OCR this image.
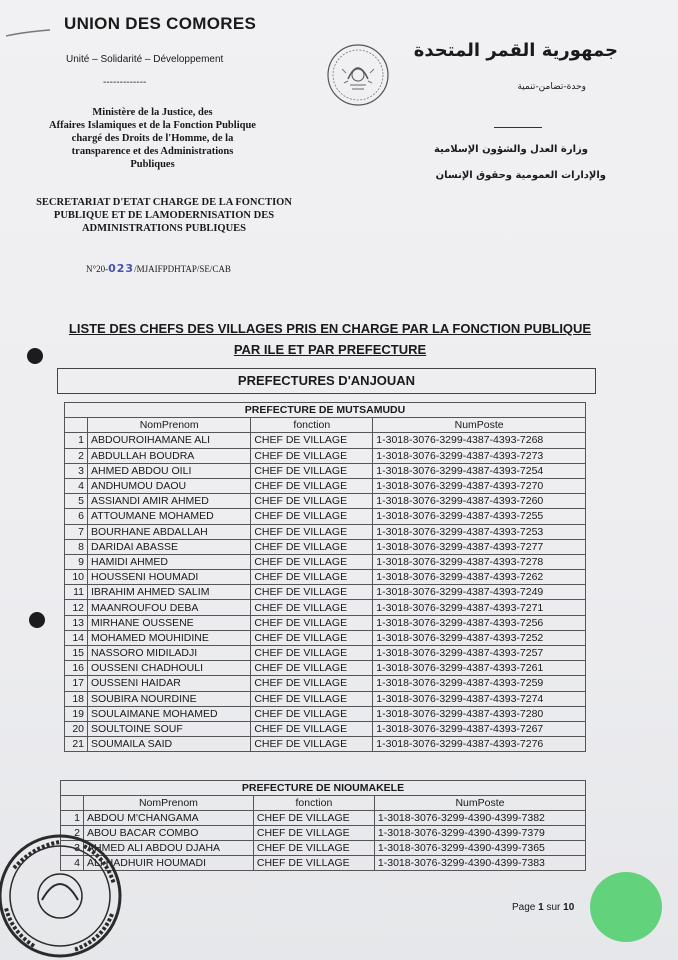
UNION DES COMORES
Unité – Solidarité – Développement
-------------
Ministère de la Justice, des
Affaires Islamiques et de la Fonction Publique
chargé des Droits de l'Homme, de la
transparence et des Administrations
Publiques
SECRETARIAT D'ETAT CHARGE DE LA FONCTION
PUBLIQUE ET DE LAMODERNISATION DES
ADMINISTRATIONS PUBLIQUES
N°20-023/MJAIFPDHTAP/SE/CAB
جمهورية القمر المتحدة
وحدة-تضامن-تنمية
وزارة العدل والشؤون الإسلامية
والإدارات العمومية وحقوق الإنسان
LISTE DES CHEFS DES VILLAGES PRIS EN CHARGE PAR LA FONCTION PUBLIQUE
PAR ILE ET PAR PREFECTURE
PREFECTURES D'ANJOUAN
PREFECTURE DE MUTSAMUDU			
	NomPrenom	fonction	NumPoste
1	ABDOUROIHAMANE ALI	CHEF DE VILLAGE	1-3018-3076-3299-4387-4393-7268
2	ABDULLAH BOUDRA	CHEF DE VILLAGE	1-3018-3076-3299-4387-4393-7273
3	AHMED ABDOU OILI	CHEF DE VILLAGE	1-3018-3076-3299-4387-4393-7254
4	ANDHUMOU DAOU	CHEF DE VILLAGE	1-3018-3076-3299-4387-4393-7270
5	ASSIANDI AMIR AHMED	CHEF DE VILLAGE	1-3018-3076-3299-4387-4393-7260
6	ATTOUMANE MOHAMED	CHEF DE VILLAGE	1-3018-3076-3299-4387-4393-7255
7	BOURHANE ABDALLAH	CHEF DE VILLAGE	1-3018-3076-3299-4387-4393-7253
8	DARIDAI ABASSE	CHEF DE VILLAGE	1-3018-3076-3299-4387-4393-7277
9	HAMIDI AHMED	CHEF DE VILLAGE	1-3018-3076-3299-4387-4393-7278
10	HOUSSENI HOUMADI	CHEF DE VILLAGE	1-3018-3076-3299-4387-4393-7262
11	IBRAHIM AHMED SALIM	CHEF DE VILLAGE	1-3018-3076-3299-4387-4393-7249
12	MAANROUFOU DEBA	CHEF DE VILLAGE	1-3018-3076-3299-4387-4393-7271
13	MIRHANE OUSSENE	CHEF DE VILLAGE	1-3018-3076-3299-4387-4393-7256
14	MOHAMED MOUHIDINE	CHEF DE VILLAGE	1-3018-3076-3299-4387-4393-7252
15	NASSORO MIDILADJI	CHEF DE VILLAGE	1-3018-3076-3299-4387-4393-7257
16	OUSSENI CHADHOULI	CHEF DE VILLAGE	1-3018-3076-3299-4387-4393-7261
17	OUSSENI HAIDAR	CHEF DE VILLAGE	1-3018-3076-3299-4387-4393-7259
18	SOUBIRA NOURDINE	CHEF DE VILLAGE	1-3018-3076-3299-4387-4393-7274
19	SOULAIMANE MOHAMED	CHEF DE VILLAGE	1-3018-3076-3299-4387-4393-7280
20	SOULTOINE SOUF	CHEF DE VILLAGE	1-3018-3076-3299-4387-4393-7267
21	SOUMAILA SAID	CHEF DE VILLAGE	1-3018-3076-3299-4387-4393-7276
PREFECTURE DE NIOUMAKELE			
	NomPrenom	fonction	NumPoste
1	ABDOU M'CHANGAMA	CHEF DE VILLAGE	1-3018-3076-3299-4390-4399-7382
2	ABOU BACAR COMBO	CHEF DE VILLAGE	1-3018-3076-3299-4390-4399-7379
3	AHMED ALI ABDOU DJAHA	CHEF DE VILLAGE	1-3018-3076-3299-4390-4399-7365
4	ALI HADHUIR HOUMADI	CHEF DE VILLAGE	1-3018-3076-3299-4390-4399-7383
Page 1 sur 10
